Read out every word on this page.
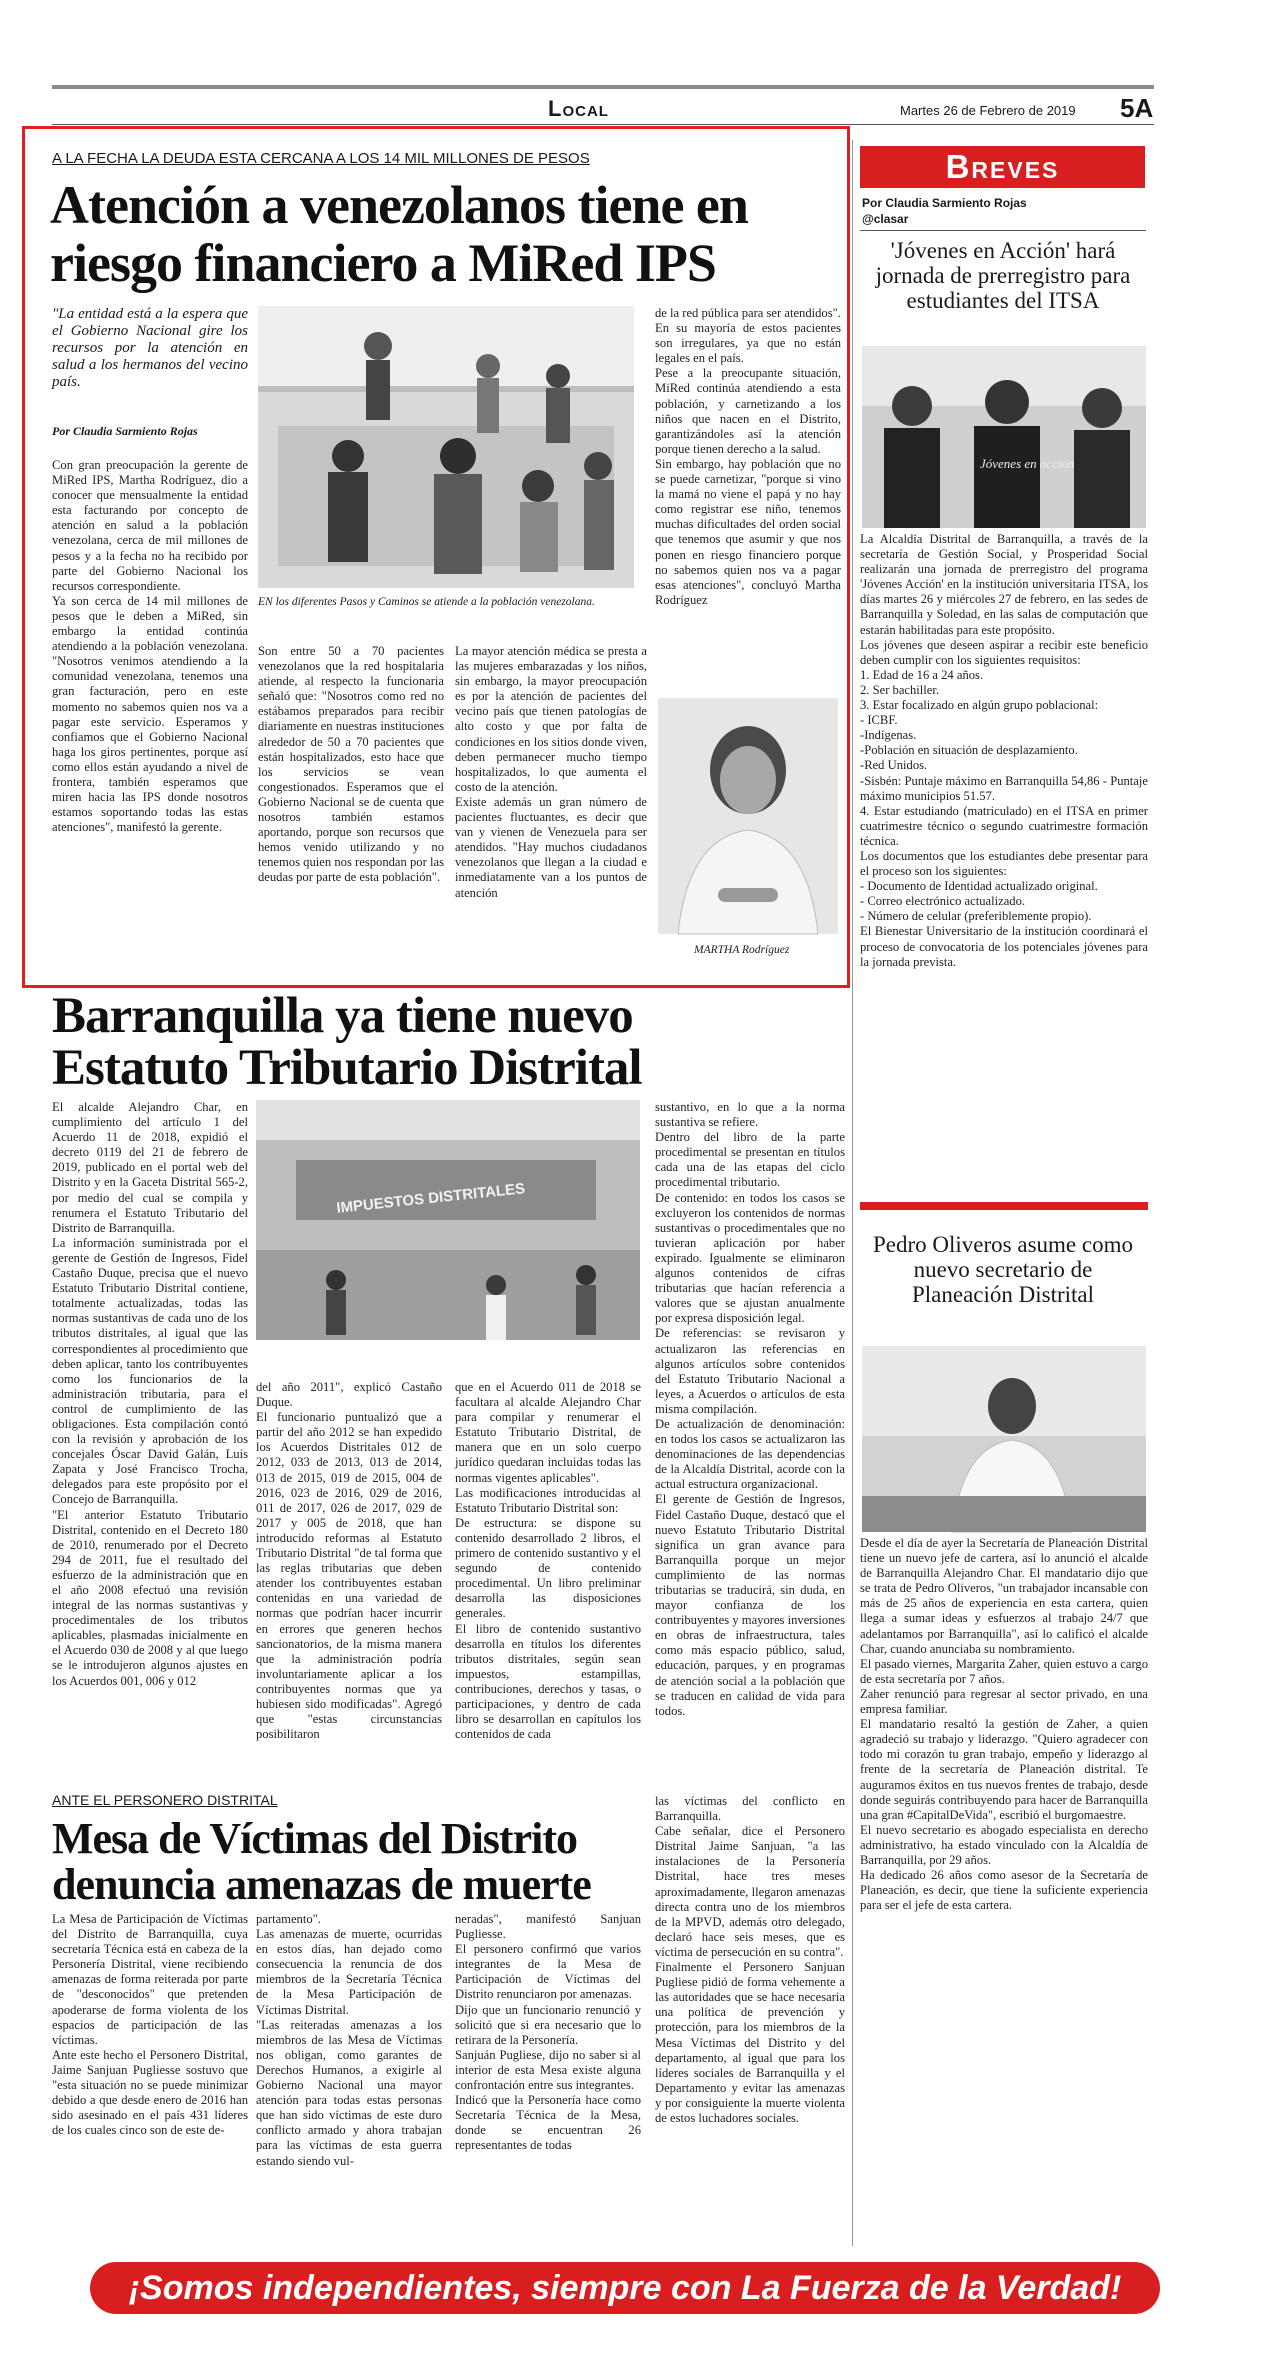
Local	Martes 26 de Febrero de 2019 5A
A LA FECHA LA DEUDA ESTA CERCANA A LOS 14 MIL MILLONES DE PESOS
Atención a venezolanos tiene en
riesgo financiero a MiRed IPS
"La entidad está a la espera que el Gobierno Nacional gire los recursos por la atención en salud a los hermanos del vecino país.
Por Claudia Sarmiento Rojas
Con gran preocupación la gerente de MiRed IPS, Martha Rodríguez, dio a conocer que mensualmente la entidad esta facturando por concepto de atención en salud a la población venezolana, cerca de mil millones de pesos y a la fecha no ha recibido por parte del Gobierno Nacional los recursos correspondiente.
Ya son cerca de 14 mil millones de pesos que le deben a MiRed, sin embargo la entidad continúa atendiendo a la población venezolana. "Nosotros venimos atendiendo a la comunidad venezolana, tenemos una gran facturación, pero en este momento no sabemos quien nos va a pagar este servicio. Esperamos y confiamos que el Gobierno Nacional haga los giros pertinentes, porque así como ellos están ayudando a nivel de frontera, también esperamos que miren hacia las IPS donde nosotros estamos soportando todas las estas atenciones", manifestó la gerente.
EN los diferentes Pasos y Caminos se atiende a la población venezolana.
Son entre 50 a 70 pacientes venezolanos que la red hospitalaria atiende, al respecto la funcionaria señaló que: "Nosotros como red no estábamos preparados para recibir diariamente en nuestras instituciones alrededor de 50 a 70 pacientes que están hospitalizados, esto hace que los servicios se vean congestionados. Esperamos que el Gobierno Nacional se de cuenta que nosotros también estamos aportando, porque son recursos que hemos venido utilizando y no tenemos quien nos respondan por las deudas por parte de esta población".
La mayor atención médica se presta a las mujeres embarazadas y los niños, sin embargo, la mayor preocupación es por la atención de pacientes del vecino país que tienen patologías de alto costo y que por falta de condiciones en los sitios donde viven, deben permanecer mucho tiempo hospitalizados, lo que aumenta el costo de la atención.
Existe además un gran número de pacientes fluctuantes, es decir que van y vienen de Venezuela para ser atendidos. "Hay muchos ciudadanos venezolanos que llegan a la ciudad e inmediatamente van a los puntos de atención
de la red pública para ser atendidos".
En su mayoría de estos pacientes son irregulares, ya que no están legales en el país.
Pese a la preocupante situación, MiRed continúa atendiendo a esta población, y carnetizando a los niños que nacen en el Distrito, garantizándoles así la atención porque tienen derecho a la salud.
Sin embargo, hay población que no se puede carnetizar, "porque si vino la mamá no viene el papá y no hay como registrar ese niño, tenemos muchas dificultades del orden social que tenemos que asumir y que nos ponen en riesgo financiero porque no sabemos quien nos va a pagar esas atenciones", concluyó Martha Rodríguez
MARTHA Rodríguez
Barranquilla ya tiene nuevo
Estatuto Tributario Distrital
El alcalde Alejandro Char, en cumplimiento del artículo 1 del Acuerdo 11 de 2018, expidió el decreto 0119 del 21 de febrero de 2019, publicado en el portal web del Distrito y en la Gaceta Distrital 565-2, por medio del cual se compila y renumera el Estatuto Tributario del Distrito de Barranquilla.
La información suministrada por el gerente de Gestión de Ingresos, Fidel Castaño Duque, precisa que el nuevo Estatuto Tributario Distrital contiene, totalmente actualizadas, todas las normas sustantivas de cada uno de los tributos distritales, al igual que las correspondientes al procedimiento que deben aplicar, tanto los contribuyentes como los funcionarios de la administración tributaria, para el control de cumplimiento de las obligaciones. Esta compilación contó con la revisión y aprobación de los concejales Óscar David Galán, Luis Zapata y José Francisco Trocha, delegados para este propósito por el Concejo de Barranquilla.
"El anterior Estatuto Tributario Distrital, contenido en el Decreto 180 de 2010, renumerado por el Decreto 294 de 2011, fue el resultado del esfuerzo de la administración que en el año 2008 efectuó una revisión integral de las normas sustantivas y procedimentales de los tributos aplicables, plasmadas inicialmente en el Acuerdo 030 de 2008 y al que luego se le introdujeron algunos ajustes en los Acuerdos 001, 006 y 012
IMPUESTOS DISTRITALES
del año 2011", explicó Castaño Duque.
El funcionario puntualizó que a partir del año 2012 se han expedido los Acuerdos Distritales 012 de 2012, 033 de 2013, 013 de 2014, 013 de 2015, 019 de 2015, 004 de 2016, 023 de 2016, 029 de 2016, 011 de 2017, 026 de 2017, 029 de 2017 y 005 de 2018, que han introducido reformas al Estatuto Tributario Distrital "de tal forma que las reglas tributarias que deben atender los contribuyentes estaban contenidas en una variedad de normas que podrían hacer incurrir en errores que generen hechos sancionatorios, de la misma manera que la administración podría involuntariamente aplicar a los contribuyentes normas que ya hubiesen sido modificadas". Agregó que "estas circunstancias posibilitaron
que en el Acuerdo 011 de 2018 se facultara al alcalde Alejandro Char para compilar y renumerar el Estatuto Tributario Distrital, de manera que en un solo cuerpo jurídico quedaran incluidas todas las normas vigentes aplicables".
Las modificaciones introducidas al Estatuto Tributario Distrital son:
De estructura: se dispone su contenido desarrollado 2 libros, el primero de contenido sustantivo y el segundo de contenido procedimental. Un libro preliminar desarrolla las disposiciones generales.
El libro de contenido sustantivo desarrolla en títulos los diferentes tributos distritales, según sean impuestos, estampillas, contribuciones, derechos y tasas, o participaciones, y dentro de cada libro se desarrollan en capítulos los contenidos de cada
sustantivo, en lo que a la norma sustantiva se refiere.
Dentro del libro de la parte procedimental se presentan en títulos cada una de las etapas del ciclo procedimental tributario.
De contenido: en todos los casos se excluyeron los contenidos de normas sustantivas o procedimentales que no tuvieran aplicación por haber expirado. Igualmente se eliminaron algunos contenidos de cifras tributarias que hacían referencia a valores que se ajustan anualmente por expresa disposición legal.
De referencias: se revisaron y actualizaron las referencias en algunos artículos sobre contenidos del Estatuto Tributario Nacional a leyes, a Acuerdos o artículos de esta misma compilación.
De actualización de denominación: en todos los casos se actualizaron las denominaciones de las dependencias de la Alcaldía Distrital, acorde con la actual estructura organizacional.
El gerente de Gestión de Ingresos, Fidel Castaño Duque, destacó que el nuevo Estatuto Tributario Distrital significa un gran avance para Barranquilla porque un mejor cumplimiento de las normas tributarias se traducirá, sin duda, en mayor confianza de los contribuyentes y mayores inversiones en obras de infraestructura, tales como más espacio público, salud, educación, parques, y en programas de atención social a la población que se traducen en calidad de vida para todos.
ANTE EL PERSONERO DISTRITAL
Mesa de Víctimas del Distrito
denuncia amenazas de muerte
La Mesa de Participación de Víctimas del Distrito de Barranquilla, cuya secretaría Técnica está en cabeza de la Personería Distrital, viene recibiendo amenazas de forma reiterada por parte de "desconocidos" que pretenden apoderarse de forma violenta de los espacios de participación de las víctimas.
Ante este hecho el Personero Distrital, Jaime Sanjuan Pugliesse sostuvo que "esta situación no se puede minimizar debido a que desde enero de 2016 han sido asesinado en el país 431 líderes de los cuales cinco son de este de-
partamento".
Las amenazas de muerte, ocurridas en estos días, han dejado como consecuencia la renuncia de dos miembros de la Secretaría Técnica de la Mesa Participación de Víctimas Distrital.
"Las reiteradas amenazas a los miembros de las Mesa de Víctimas nos obligan, como garantes de Derechos Humanos, a exigirle al Gobierno Nacional una mayor atención para todas estas personas que han sido víctimas de este duro conflicto armado y ahora trabajan para las víctimas de esta guerra estando siendo vul-
neradas", manifestó Sanjuan Pugliesse.
El personero confirmó que varios integrantes de la Mesa de Participación de Víctimas del Distrito renunciaron por amenazas.
Dijo que un funcionario renunció y solicitó que si era necesario que lo retirara de la Personería.
Sanjuán Pugliese, dijo no saber si al interior de esta Mesa existe alguna confrontación entre sus integrantes.
Indicó que la Personería hace como Secretaría Técnica de la Mesa, donde se encuentran 26 representantes de todas
las víctimas del conflicto en Barranquilla.
Cabe señalar, dice el Personero Distrital Jaime Sanjuan, "a las instalaciones de la Personería Distrital, hace tres meses aproximadamente, llegaron amenazas directa contra uno de los miembros de la MPVD, además otro delegado, declaró hace seis meses, que es víctima de persecución en su contra".
Finalmente el Personero Sanjuan Pugliese pidió de forma vehemente a las autoridades que se hace necesaria una política de prevención y protección, para los miembros de la Mesa Víctimas del Distrito y del departamento, al igual que para los líderes sociales de Barranquilla y el Departamento y evitar las amenazas y por consiguiente la muerte violenta de estos luchadores sociales.
Breves
Por Claudia Sarmiento Rojas
@clasar
'Jóvenes en Acción' hará jornada de prerregistro para estudiantes del ITSA
Jóvenes en acción
La Alcaldía Distrital de Barranquilla, a través de la secretaría de Gestión Social, y Prosperidad Social realizarán una jornada de prerregistro del programa 'Jóvenes Acción' en la institución universitaria ITSA, los días martes 26 y miércoles 27 de febrero, en las sedes de Barranquilla y Soledad, en las salas de computación que estarán habilitadas para este propósito.
Los jóvenes que deseen aspirar a recibir este beneficio deben cumplir con los siguientes requisitos:
1. Edad de 16 a 24 años.
2. Ser bachiller.
3. Estar focalizado en algún grupo poblacional:
- ICBF.
-Indígenas.
-Población en situación de desplazamiento.
-Red Unidos.
-Sisbén: Puntaje máximo en Barranquilla 54,86 - Puntaje máximo municipios 51.57.
4. Estar estudiando (matriculado) en el ITSA en primer cuatrimestre técnico o segundo cuatrimestre formación técnica.
Los documentos que los estudiantes debe presentar para el proceso son los siguientes:
- Documento de Identidad actualizado original.
- Correo electrónico actualizado.
- Número de celular (preferiblemente propio).
El Bienestar Universitario de la institución coordinará el proceso de convocatoria de los potenciales jóvenes para la jornada prevista.
Pedro Oliveros asume como nuevo secretario de Planeación Distrital
Desde el día de ayer la Secretaría de Planeación Distrital tiene un nuevo jefe de cartera, así lo anunció el alcalde de Barranquilla Alejandro Char. El mandatario dijo que se trata de Pedro Oliveros, "un trabajador incansable con más de 25 años de experiencia en esta cartera, quien llega a sumar ideas y esfuerzos al trabajo 24/7 que adelantamos por Barranquilla", así lo calificó el alcalde Char, cuando anunciaba su nombramiento.
El pasado viernes, Margarita Zaher, quien estuvo a cargo de esta secretaría por 7 años.
Zaher renunció para regresar al sector privado, en una empresa familiar.
El mandatario resaltó la gestión de Zaher, a quien agradeció su trabajo y liderazgo. "Quiero agradecer con todo mi corazón tu gran trabajo, empeño y liderazgo al frente de la secretaría de Planeación distrital. Te auguramos éxitos en tus nuevos frentes de trabajo, desde donde seguirás contribuyendo para hacer de Barranquilla una gran #CapitalDeVida", escribió el burgomaestre.
El nuevo secretario es abogado especialista en derecho administrativo, ha estado vinculado con la Alcaldía de Barranquilla, por 29 años.
Ha dedicado 26 años como asesor de la Secretaría de Planeación, es decir, que tiene la suficiente experiencia para ser el jefe de esta cartera.
¡Somos independientes, siempre con La Fuerza de la Verdad!
